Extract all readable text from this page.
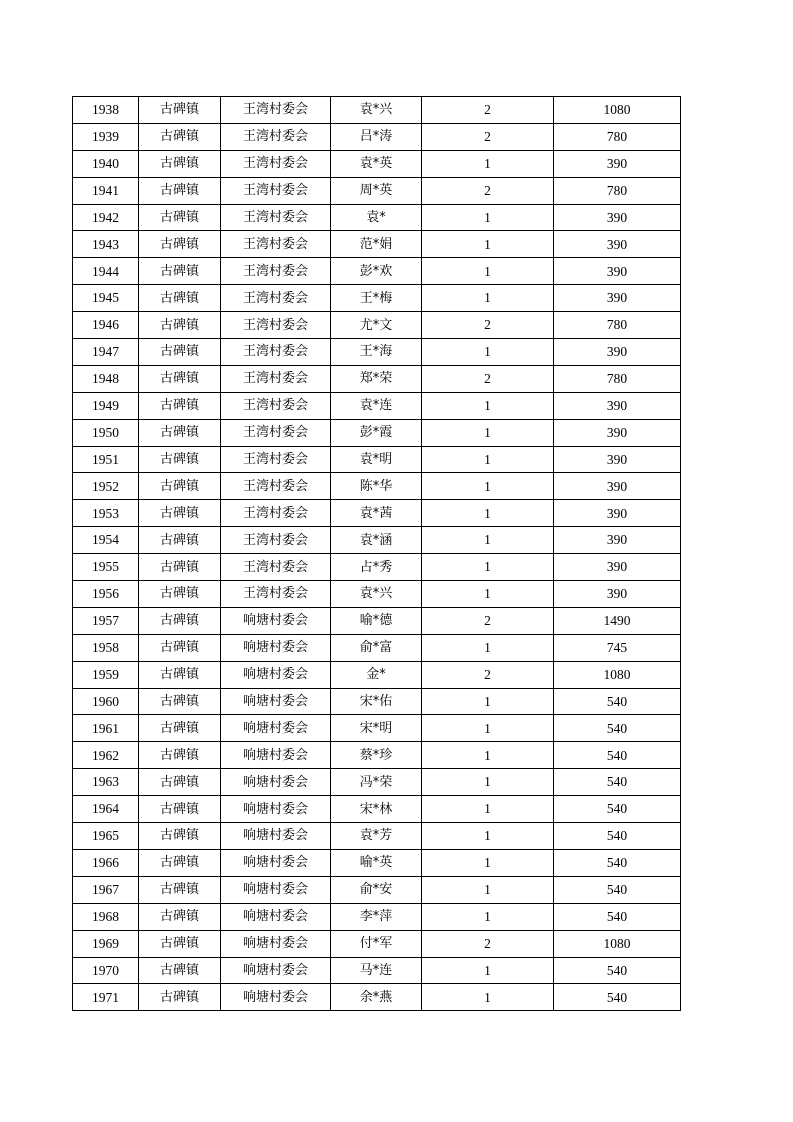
1938	古碑镇	王湾村委会	袁*兴	2	1080
1939	古碑镇	王湾村委会	吕*涛	2	780
1940	古碑镇	王湾村委会	袁*英	1	390
1941	古碑镇	王湾村委会	周*英	2	780
1942	古碑镇	王湾村委会	袁*	1	390
1943	古碑镇	王湾村委会	范*娟	1	390
1944	古碑镇	王湾村委会	彭*欢	1	390
1945	古碑镇	王湾村委会	王*梅	1	390
1946	古碑镇	王湾村委会	尤*文	2	780
1947	古碑镇	王湾村委会	王*海	1	390
1948	古碑镇	王湾村委会	郑*荣	2	780
1949	古碑镇	王湾村委会	袁*连	1	390
1950	古碑镇	王湾村委会	彭*霞	1	390
1951	古碑镇	王湾村委会	袁*明	1	390
1952	古碑镇	王湾村委会	陈*华	1	390
1953	古碑镇	王湾村委会	袁*茜	1	390
1954	古碑镇	王湾村委会	袁*涵	1	390
1955	古碑镇	王湾村委会	占*秀	1	390
1956	古碑镇	王湾村委会	袁*兴	1	390
1957	古碑镇	响塘村委会	喻*德	2	1490
1958	古碑镇	响塘村委会	俞*富	1	745
1959	古碑镇	响塘村委会	金*	2	1080
1960	古碑镇	响塘村委会	宋*佑	1	540
1961	古碑镇	响塘村委会	宋*明	1	540
1962	古碑镇	响塘村委会	蔡*珍	1	540
1963	古碑镇	响塘村委会	冯*荣	1	540
1964	古碑镇	响塘村委会	宋*林	1	540
1965	古碑镇	响塘村委会	袁*芳	1	540
1966	古碑镇	响塘村委会	喻*英	1	540
1967	古碑镇	响塘村委会	俞*安	1	540
1968	古碑镇	响塘村委会	李*萍	1	540
1969	古碑镇	响塘村委会	付*军	2	1080
1970	古碑镇	响塘村委会	马*连	1	540
1971	古碑镇	响塘村委会	余*燕	1	540
